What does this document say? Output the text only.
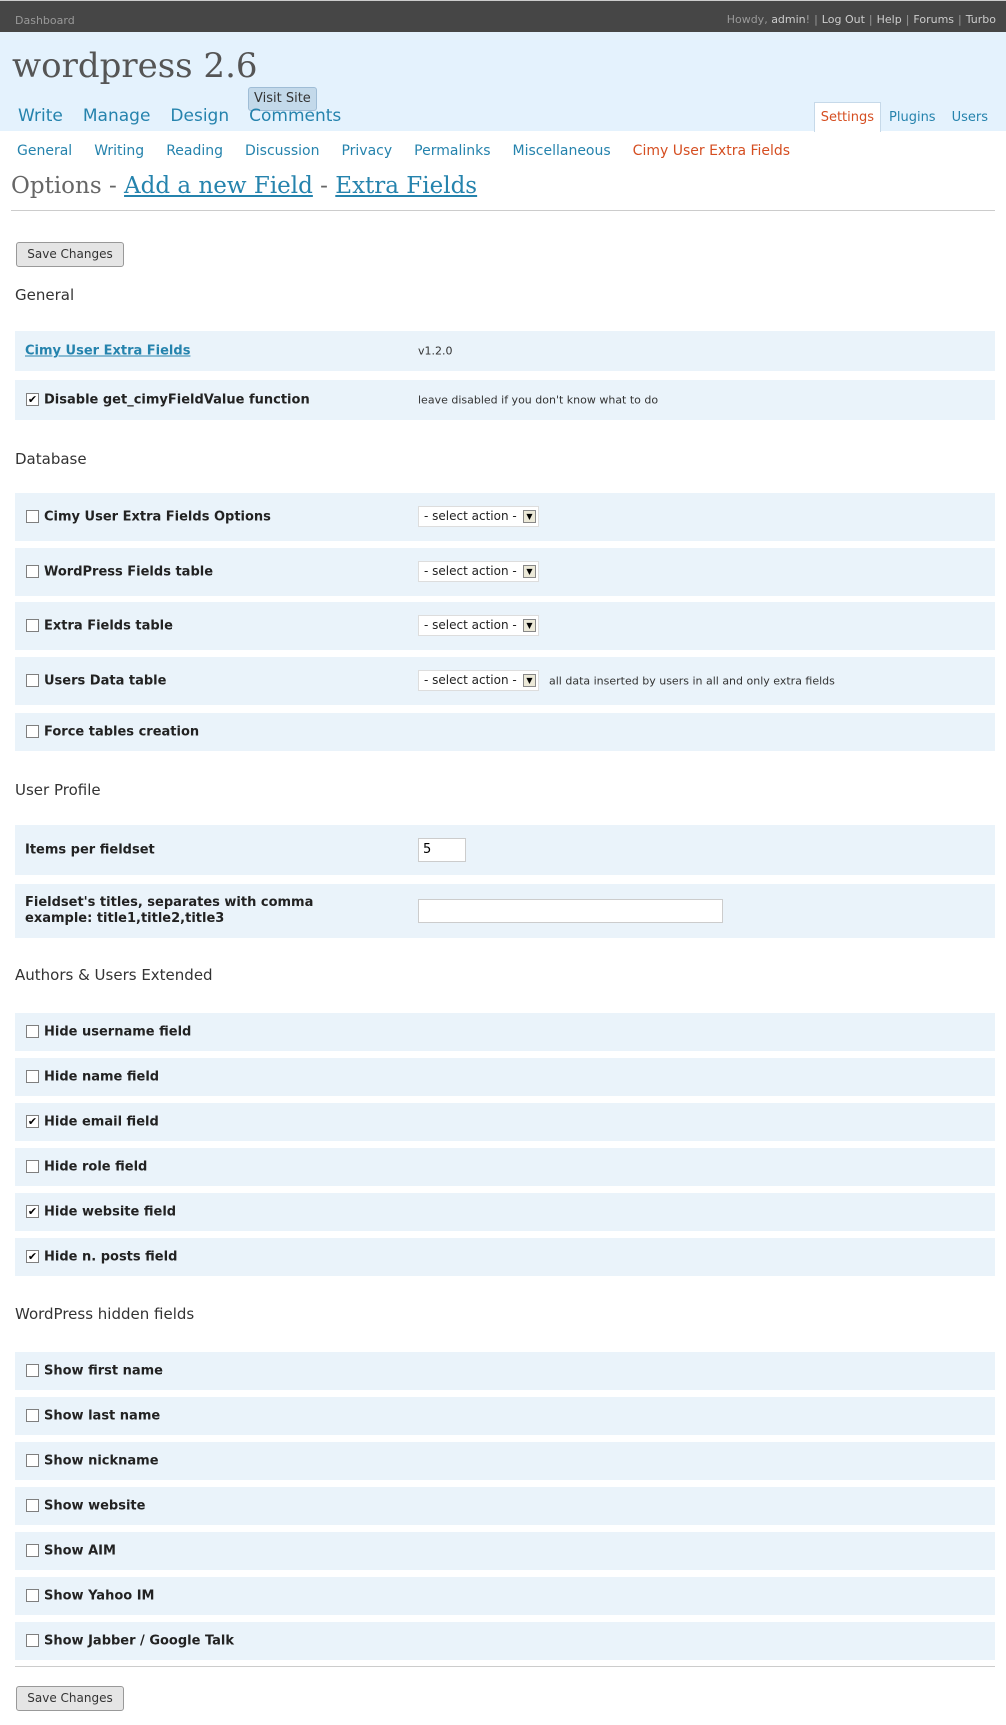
Dashboard	Howdy, admin! | Log Out | Help | Forums | Turbo
wordpress 2.6
Visit Site
Write Manage Design Comments	Settings	Plugins	Users
General Writing Reading Discussion Privacy Permalinks Miscellaneous Cimy User Extra Fields
Options - Add a new Field - Extra Fields
Save Changes
General
Cimy User Extra Fields	v1.2.0
✔ Disable get_cimyFieldValue function	leave disabled if you don't know what to do
Database
Cimy User Extra Fields Options	- select action -	▼
WordPress Fields table	- select action -	▼
Extra Fields table	- select action -	▼
Users Data table	- select action -	▼	all data inserted by users in all and only extra fields
Force tables creation
User Profile
Items per fieldset	5
Fieldset's titles, separates with comma example: title1,title2,title3
Authors & Users Extended
Hide username field
Hide name field
✔ Hide email field
Hide role field
✔ Hide website field
✔ Hide n. posts field
WordPress hidden fields
Show first name
Show last name
Show nickname
Show website
Show AIM
Show Yahoo IM
Show Jabber / Google Talk
Save Changes
